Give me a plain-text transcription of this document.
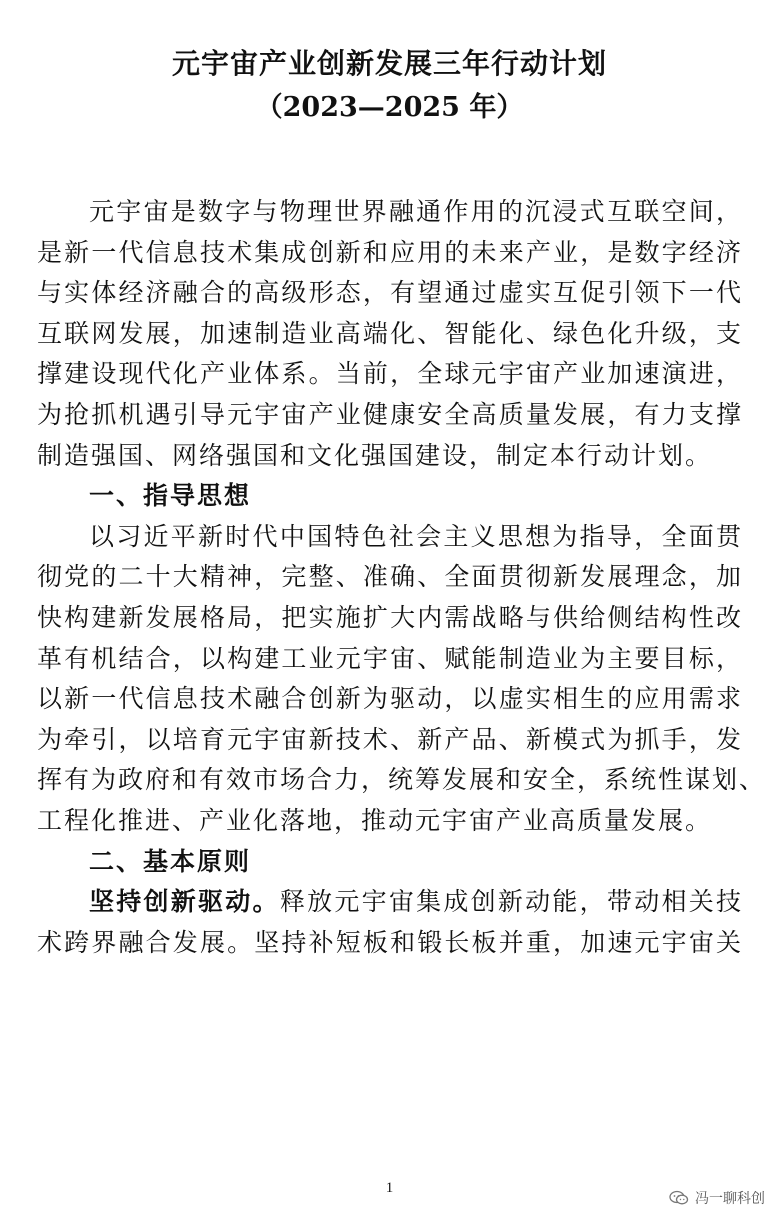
元宇宙产业创新发展三年行动计划
（2023—2025 年）
元宇宙是数字与物理世界融通作用的沉浸式互联空间，
是新一代信息技术集成创新和应用的未来产业，是数字经济
与实体经济融合的高级形态，有望通过虚实互促引领下一代
互联网发展，加速制造业高端化、智能化、绿色化升级，支
撑建设现代化产业体系。当前，全球元宇宙产业加速演进，
为抢抓机遇引导元宇宙产业健康安全高质量发展，有力支撑
制造强国、网络强国和文化强国建设，制定本行动计划。
一、指导思想
以习近平新时代中国特色社会主义思想为指导，全面贯
彻党的二十大精神，完整、准确、全面贯彻新发展理念，加
快构建新发展格局，把实施扩大内需战略与供给侧结构性改
革有机结合，以构建工业元宇宙、赋能制造业为主要目标，
以新一代信息技术融合创新为驱动，以虚实相生的应用需求
为牵引，以培育元宇宙新技术、新产品、新模式为抓手，发
挥有为政府和有效市场合力，统筹发展和安全，系统性谋划、
工程化推进、产业化落地，推动元宇宙产业高质量发展。
二、基本原则
坚持创新驱动。释放元宇宙集成创新动能，带动相关技
术跨界融合发展。坚持补短板和锻长板并重，加速元宇宙关
1
冯一聊科创
